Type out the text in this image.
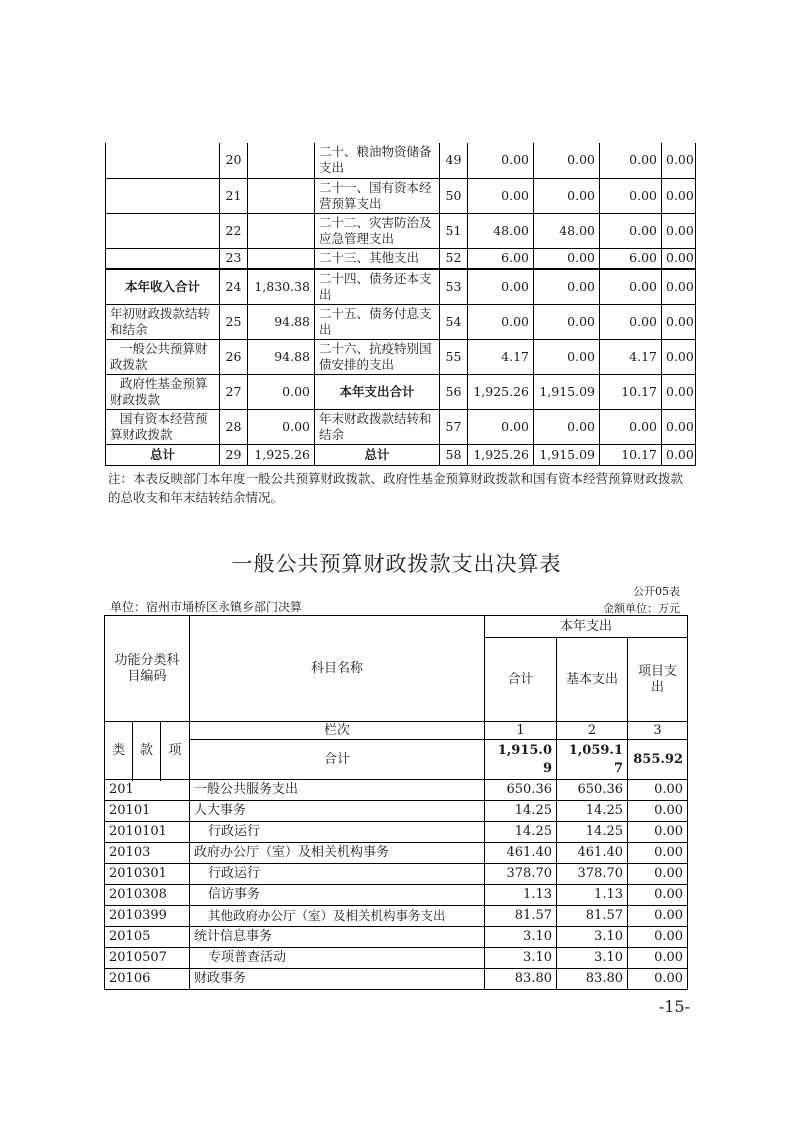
	20		二十、粮油物资储备支出	49	0.00	0.00	0.00	0.00
	21		二十一、国有资本经营预算支出	50	0.00	0.00	0.00	0.00
	22		二十二、灾害防治及应急管理支出	51	48.00	48.00	0.00	0.00
	23		二十三、其他支出	52	6.00	0.00	6.00	0.00
本年收入合计	24	1,830.38	二十四、债务还本支出	53	0.00	0.00	0.00	0.00
年初财政拨款结转和结余	25	94.88	二十五、债务付息支出	54	0.00	0.00	0.00	0.00
一般公共预算财政拨款	26	94.88	二十六、抗疫特别国债安排的支出	55	4.17	0.00	4.17	0.00
政府性基金预算财政拨款	27	0.00	本年支出合计	56	1,925.26	1,915.09	10.17	0.00
国有资本经营预算财政拨款	28	0.00	年末财政拨款结转和结余	57	0.00	0.00	0.00	0.00
总计	29	1,925.26	总计	58	1,925.26	1,915.09	10.17	0.00
注：本表反映部门本年度一般公共预算财政拨款、政府性基金预算财政拨款和国有资本经营预算财政拨款的总收支和年末结转结余情况。
一般公共预算财政拨款支出决算表
公开05表
单位：宿州市埇桥区永镇乡部门决算	金额单位：万元
功能分类科目编码			科目名称	本年支出		
				合计	基本支出	项目支出

类	款	项	栏次	1	2	3
			合计	1,915.09	1,059.17	855.92

201			一般公共服务支出	650.36	650.36	0.00
20101			人大事务	14.25	14.25	0.00
2010101			行政运行	14.25	14.25	0.00
20103			政府办公厅（室）及相关机构事务	461.40	461.40	0.00
2010301			行政运行	378.70	378.70	0.00
2010308			信访事务	1.13	1.13	0.00
2010399			其他政府办公厅（室）及相关机构事务支出	81.57	81.57	0.00
20105			统计信息事务	3.10	3.10	0.00
2010507			专项普查活动	3.10	3.10	0.00
20106			财政事务	83.80	83.80	0.00
-15-
